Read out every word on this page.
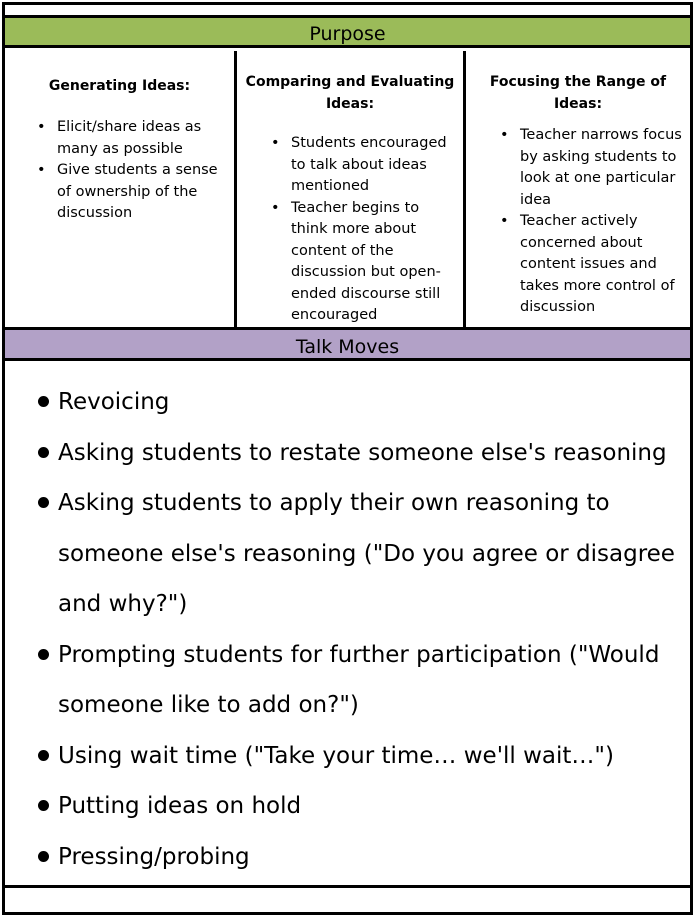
Purpose
Generating Ideas:
• Elicit/share ideas as many as possible
• Give students a sense of ownership of the discussion
Comparing and Evaluating Ideas:
• Students encouraged to talk about ideas mentioned
• Teacher begins to think more about content of the discussion but open-ended discourse still encouraged
Focusing the Range of Ideas:
• Teacher narrows focus by asking students to look at one particular idea
• Teacher actively concerned about content issues and takes more control of discussion
Talk Moves
Revoicing
Asking students to restate someone else's reasoning
Asking students to apply their own reasoning to someone else's reasoning ("Do you agree or disagree and why?")
Prompting students for further participation ("Would someone like to add on?")
Using wait time ("Take your time… we'll wait…")
Putting ideas on hold
Pressing/probing
